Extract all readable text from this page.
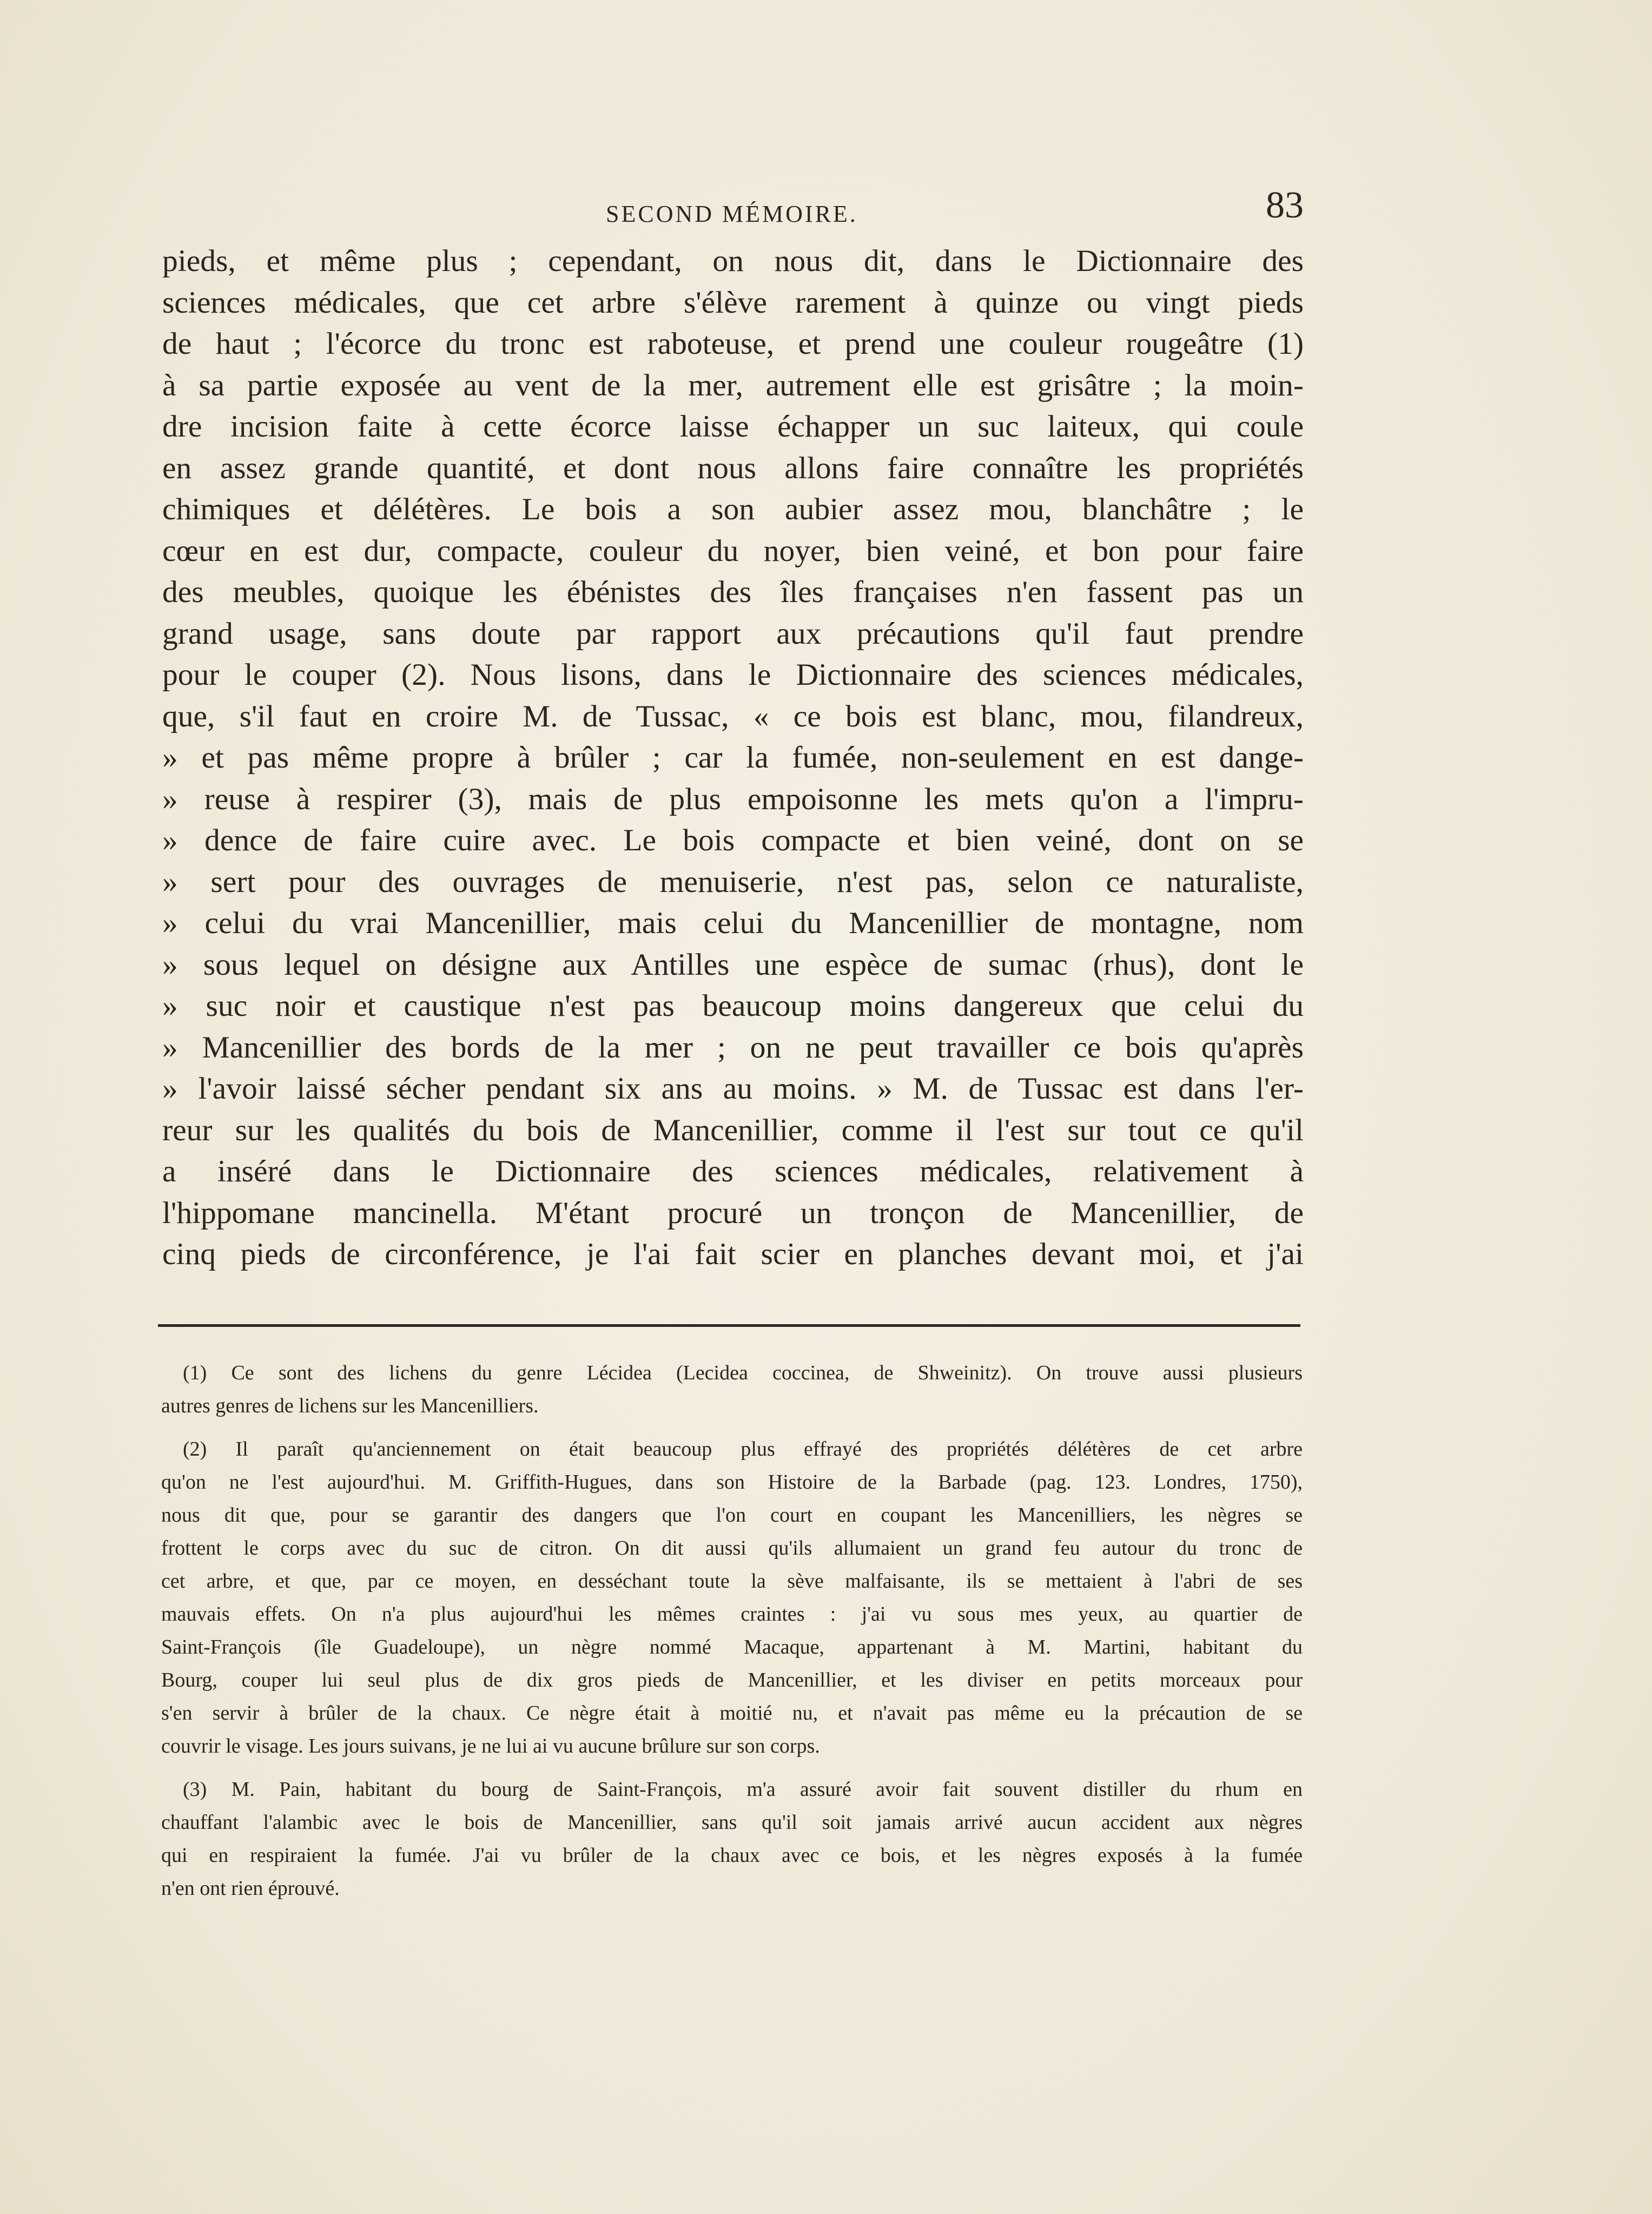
SECOND MÉMOIRE.	83
pieds, et même plus ; cependant, on nous dit, dans le Dictionnaire des
sciences médicales, que cet arbre s'élève rarement à quinze ou vingt pieds
de haut ; l'écorce du tronc est raboteuse, et prend une couleur rougeâtre (1)
à sa partie exposée au vent de la mer, autrement elle est grisâtre ; la moin-
dre incision faite à cette écorce laisse échapper un suc laiteux, qui coule
en assez grande quantité, et dont nous allons faire connaître les propriétés
chimiques et délétères. Le bois a son aubier assez mou, blanchâtre ; le
cœur en est dur, compacte, couleur du noyer, bien veiné, et bon pour faire
des meubles, quoique les ébénistes des îles françaises n'en fassent pas un
grand usage, sans doute par rapport aux précautions qu'il faut prendre
pour le couper (2). Nous lisons, dans le Dictionnaire des sciences médicales,
que, s'il faut en croire M. de Tussac, « ce bois est blanc, mou, filandreux,
» et pas même propre à brûler ; car la fumée, non-seulement en est dange-
» reuse à respirer (3), mais de plus empoisonne les mets qu'on a l'impru-
» dence de faire cuire avec. Le bois compacte et bien veiné, dont on se
» sert pour des ouvrages de menuiserie, n'est pas, selon ce naturaliste,
» celui du vrai Mancenillier, mais celui du Mancenillier de montagne, nom
» sous lequel on désigne aux Antilles une espèce de sumac (rhus), dont le
» suc noir et caustique n'est pas beaucoup moins dangereux que celui du
» Mancenillier des bords de la mer ; on ne peut travailler ce bois qu'après
» l'avoir laissé sécher pendant six ans au moins. » M. de Tussac est dans l'er-
reur sur les qualités du bois de Mancenillier, comme il l'est sur tout ce qu'il
a inséré dans le Dictionnaire des sciences médicales, relativement à
l'hippomane mancinella. M'étant procuré un tronçon de Mancenillier, de
cinq pieds de circonférence, je l'ai fait scier en planches devant moi, et j'ai
(1) Ce sont des lichens du genre Lécidea (Lecidea coccinea, de Shweinitz). On trouve aussi plusieurs
autres genres de lichens sur les Mancenilliers.
(2) Il paraît qu'anciennement on était beaucoup plus effrayé des propriétés délétères de cet arbre
qu'on ne l'est aujourd'hui. M. Griffith-Hugues, dans son Histoire de la Barbade (pag. 123. Londres, 1750),
nous dit que, pour se garantir des dangers que l'on court en coupant les Mancenilliers, les nègres se
frottent le corps avec du suc de citron. On dit aussi qu'ils allumaient un grand feu autour du tronc de
cet arbre, et que, par ce moyen, en desséchant toute la sève malfaisante, ils se mettaient à l'abri de ses
mauvais effets. On n'a plus aujourd'hui les mêmes craintes : j'ai vu sous mes yeux, au quartier de
Saint-François (île Guadeloupe), un nègre nommé Macaque, appartenant à M. Martini, habitant du
Bourg, couper lui seul plus de dix gros pieds de Mancenillier, et les diviser en petits morceaux pour
s'en servir à brûler de la chaux. Ce nègre était à moitié nu, et n'avait pas même eu la précaution de se
couvrir le visage. Les jours suivans, je ne lui ai vu aucune brûlure sur son corps.
(3) M. Pain, habitant du bourg de Saint-François, m'a assuré avoir fait souvent distiller du rhum en
chauffant l'alambic avec le bois de Mancenillier, sans qu'il soit jamais arrivé aucun accident aux nègres
qui en respiraient la fumée. J'ai vu brûler de la chaux avec ce bois, et les nègres exposés à la fumée
n'en ont rien éprouvé.
